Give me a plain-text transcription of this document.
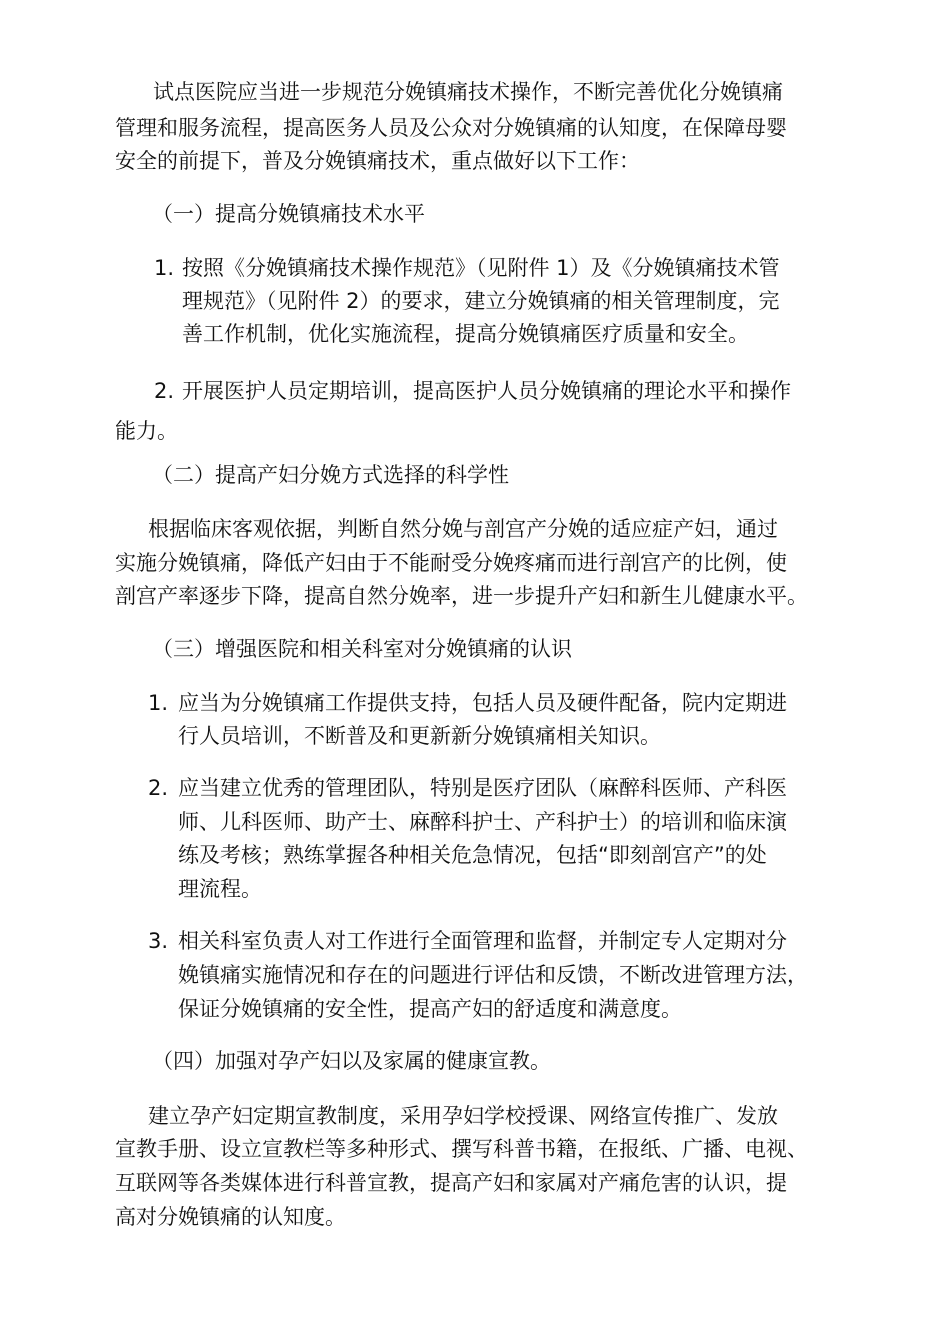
试点医院应当进一步规范分娩镇痛技术操作，不断完善优化分娩镇痛
管理和服务流程，提高医务人员及公众对分娩镇痛的认知度，在保障母婴
安全的前提下，普及分娩镇痛技术，重点做好以下工作：
（一）提高分娩镇痛技术水平
1. 按照《分娩镇痛技术操作规范》（见附件 1）及《分娩镇痛技术管
理规范》（见附件 2）的要求，建立分娩镇痛的相关管理制度，完
善工作机制，优化实施流程，提高分娩镇痛医疗质量和安全。
2. 开展医护人员定期培训，提高医护人员分娩镇痛的理论水平和操作
能力。
（二）提高产妇分娩方式选择的科学性
根据临床客观依据，判断自然分娩与剖宫产分娩的适应症产妇，通过
实施分娩镇痛，降低产妇由于不能耐受分娩疼痛而进行剖宫产的比例，使
剖宫产率逐步下降，提高自然分娩率，进一步提升产妇和新生儿健康水平。
（三）增强医院和相关科室对分娩镇痛的认识
1. 应当为分娩镇痛工作提供支持，包括人员及硬件配备，院内定期进
行人员培训，不断普及和更新新分娩镇痛相关知识。
2. 应当建立优秀的管理团队，特别是医疗团队（麻醉科医师、产科医
师、儿科医师、助产士、麻醉科护士、产科护士）的培训和临床演
练及考核；熟练掌握各种相关危急情况，包括“即刻剖宫产”的处
理流程。
3. 相关科室负责人对工作进行全面管理和监督，并制定专人定期对分
娩镇痛实施情况和存在的问题进行评估和反馈，不断改进管理方法，
保证分娩镇痛的安全性，提高产妇的舒适度和满意度。
（四）加强对孕产妇以及家属的健康宣教。
建立孕产妇定期宣教制度，采用孕妇学校授课、网络宣传推广、发放
宣教手册、设立宣教栏等多种形式、撰写科普书籍，在报纸、广播、电视、
互联网等各类媒体进行科普宣教，提高产妇和家属对产痛危害的认识，提
高对分娩镇痛的认知度。
